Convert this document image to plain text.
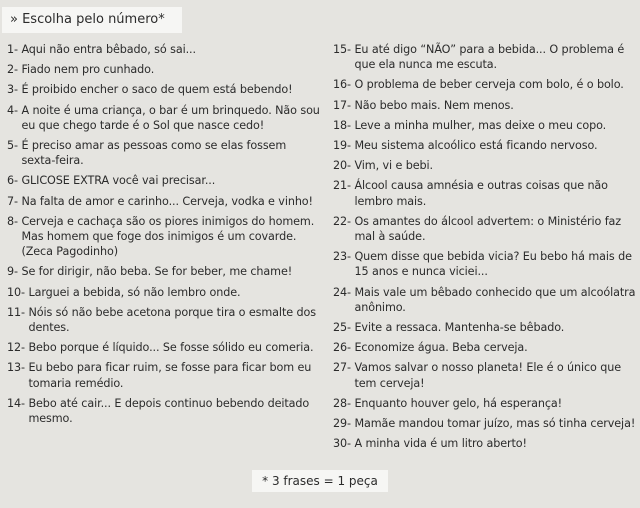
» Escolha pelo número*
1-
Aqui não entra bêbado, só sai...
2-
Fiado nem pro cunhado.
3-
É proibido encher o saco de quem está bebendo!
4-
A noite é uma criança, o bar é um brinquedo. Não sou eu que chego tarde é o Sol que nasce cedo!
5-
É preciso amar as pessoas como se elas fossem sexta-feira.
6-
GLICOSE EXTRA você vai precisar...
7-
Na falta de amor e carinho... Cerveja, vodka e vinho!
8-
Cerveja e cachaça são os piores inimigos do homem. Mas homem que foge dos inimigos é um covarde. (Zeca Pagodinho)
9-
Se for dirigir, não beba. Se for beber, me chame!
10-
Larguei a bebida, só não lembro onde.
11-
Nóis só não bebe acetona porque tira o esmalte dos dentes.
12-
Bebo porque é líquido... Se fosse sólido eu comeria.
13-
Eu bebo para ficar ruim, se fosse para ficar bom eu tomaria remédio.
14-
Bebo até cair... E depois continuo bebendo deitado mesmo.
15-
Eu até digo “NÃO” para a bebida... O problema é que ela nunca me escuta.
16-
O problema de beber cerveja com bolo, é o bolo.
17-
Não bebo mais. Nem menos.
18-
Leve a minha mulher, mas deixe o meu copo.
19-
Meu sistema alcoólico está ficando nervoso.
20-
Vim, vi e bebi.
21-
Álcool causa amnésia e outras coisas que não lembro mais.
22-
Os amantes do álcool advertem: o Ministério faz mal à saúde.
23-
Quem disse que bebida vicia? Eu bebo há mais de 15 anos e nunca viciei...
24-
Mais vale um bêbado conhecido que um alcoólatra anônimo.
25-
Evite a ressaca. Mantenha-se bêbado.
26-
Economize água. Beba cerveja.
27-
Vamos salvar o nosso planeta! Ele é o único que tem cerveja!
28-
Enquanto houver gelo, há esperança!
29-
Mamãe mandou tomar juízo, mas só tinha cerveja!
30-
A minha vida é um litro aberto!
* 3 frases = 1 peça
